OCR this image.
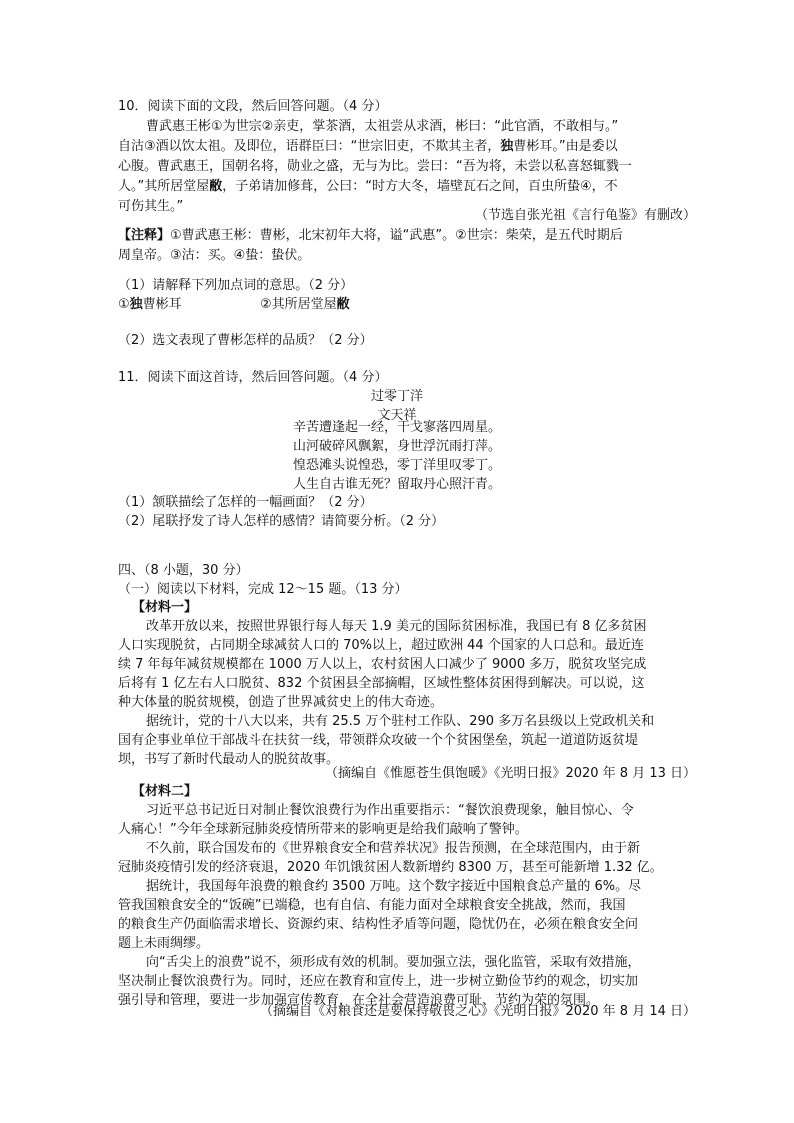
10．阅读下面的文段，然后回答问题。（4 分）
曹武惠王彬①为世宗②亲吏，掌茶酒，太祖尝从求酒，彬曰：“此官酒，不敢相与。”
自沽③酒以饮太祖。及即位，语群臣曰：“世宗旧吏，不欺其主者，独曹彬耳。”由是委以
心腹。曹武惠王，国朝名将，勋业之盛，无与为比。尝曰：“吾为将，未尝以私喜怒辄戮一
人。”其所居堂屋敝，子弟请加修葺，公曰：“时方大冬，墙壁瓦石之间，百虫所蛰④，不
可伤其生。”
（节选自张光祖《言行龟鉴》有删改）
【注释】①曹武惠王彬：曹彬，北宋初年大将，谥“武惠”。②世宗：柴荣，是五代时期后
周皇帝。③沽：买。④蛰：蛰伏。
（1）请解释下列加点词的意思。（2 分）
①独曹彬耳	②其所居堂屋敝
（2）选文表现了曹彬怎样的品质？（2 分）
11．阅读下面这首诗，然后回答问题。（4 分）
过零丁洋
文天祥
辛苦遭逢起一经，干戈寥落四周星。
山河破碎风飘絮，身世浮沉雨打萍。
惶恐滩头说惶恐，零丁洋里叹零丁。
人生自古谁无死？留取丹心照汗青。
（1）颔联描绘了怎样的一幅画面？（2 分）
（2）尾联抒发了诗人怎样的感情？请简要分析。（2 分）
四、（8 小题，30 分）
（一）阅读以下材料，完成 12～15 题。（13 分）
【材料一】
改革开放以来，按照世界银行每人每天 1.9 美元的国际贫困标准，我国已有 8 亿多贫困
人口实现脱贫，占同期全球减贫人口的 70%以上，超过欧洲 44 个国家的人口总和。最近连
续 7 年每年减贫规模都在 1000 万人以上，农村贫困人口减少了 9000 多万，脱贫攻坚完成
后将有 1 亿左右人口脱贫、832 个贫困县全部摘帽，区域性整体贫困得到解决。可以说，这
种大体量的脱贫规模，创造了世界减贫史上的伟大奇迹。
据统计，党的十八大以来，共有 25.5 万个驻村工作队、290 多万名县级以上党政机关和
国有企事业单位干部战斗在扶贫一线，带领群众攻破一个个贫困堡垒，筑起一道道防返贫堤
坝，书写了新时代最动人的脱贫故事。
（摘编自《惟愿苍生俱饱暖》《光明日报》2020 年 8 月 13 日）
【材料二】
习近平总书记近日对制止餐饮浪费行为作出重要指示：“餐饮浪费现象，触目惊心、令
人痛心！”今年全球新冠肺炎疫情所带来的影响更是给我们敲响了警钟。
不久前，联合国发布的《世界粮食安全和营养状况》报告预测，在全球范围内，由于新
冠肺炎疫情引发的经济衰退，2020 年饥饿贫困人数新增约 8300 万，甚至可能新增 1.32 亿。
据统计，我国每年浪费的粮食约 3500 万吨。这个数字接近中国粮食总产量的 6%。尽
管我国粮食安全的“饭碗”已端稳，也有自信、有能力面对全球粮食安全挑战，然而，我国
的粮食生产仍面临需求增长、资源约束、结构性矛盾等问题，隐忧仍在，必须在粮食安全问
题上未雨绸缪。
向“舌尖上的浪费”说不，须形成有效的机制。要加强立法，强化监管，采取有效措施，
坚决制止餐饮浪费行为。同时，还应在教育和宣传上，进一步树立勤俭节约的观念，切实加
强引导和管理，要进一步加强宣传教育，在全社会营造浪费可耻、节约为荣的氛围。
（摘编自《对粮食还是要保持敬畏之心》《光明日报》2020 年 8 月 14 日）
